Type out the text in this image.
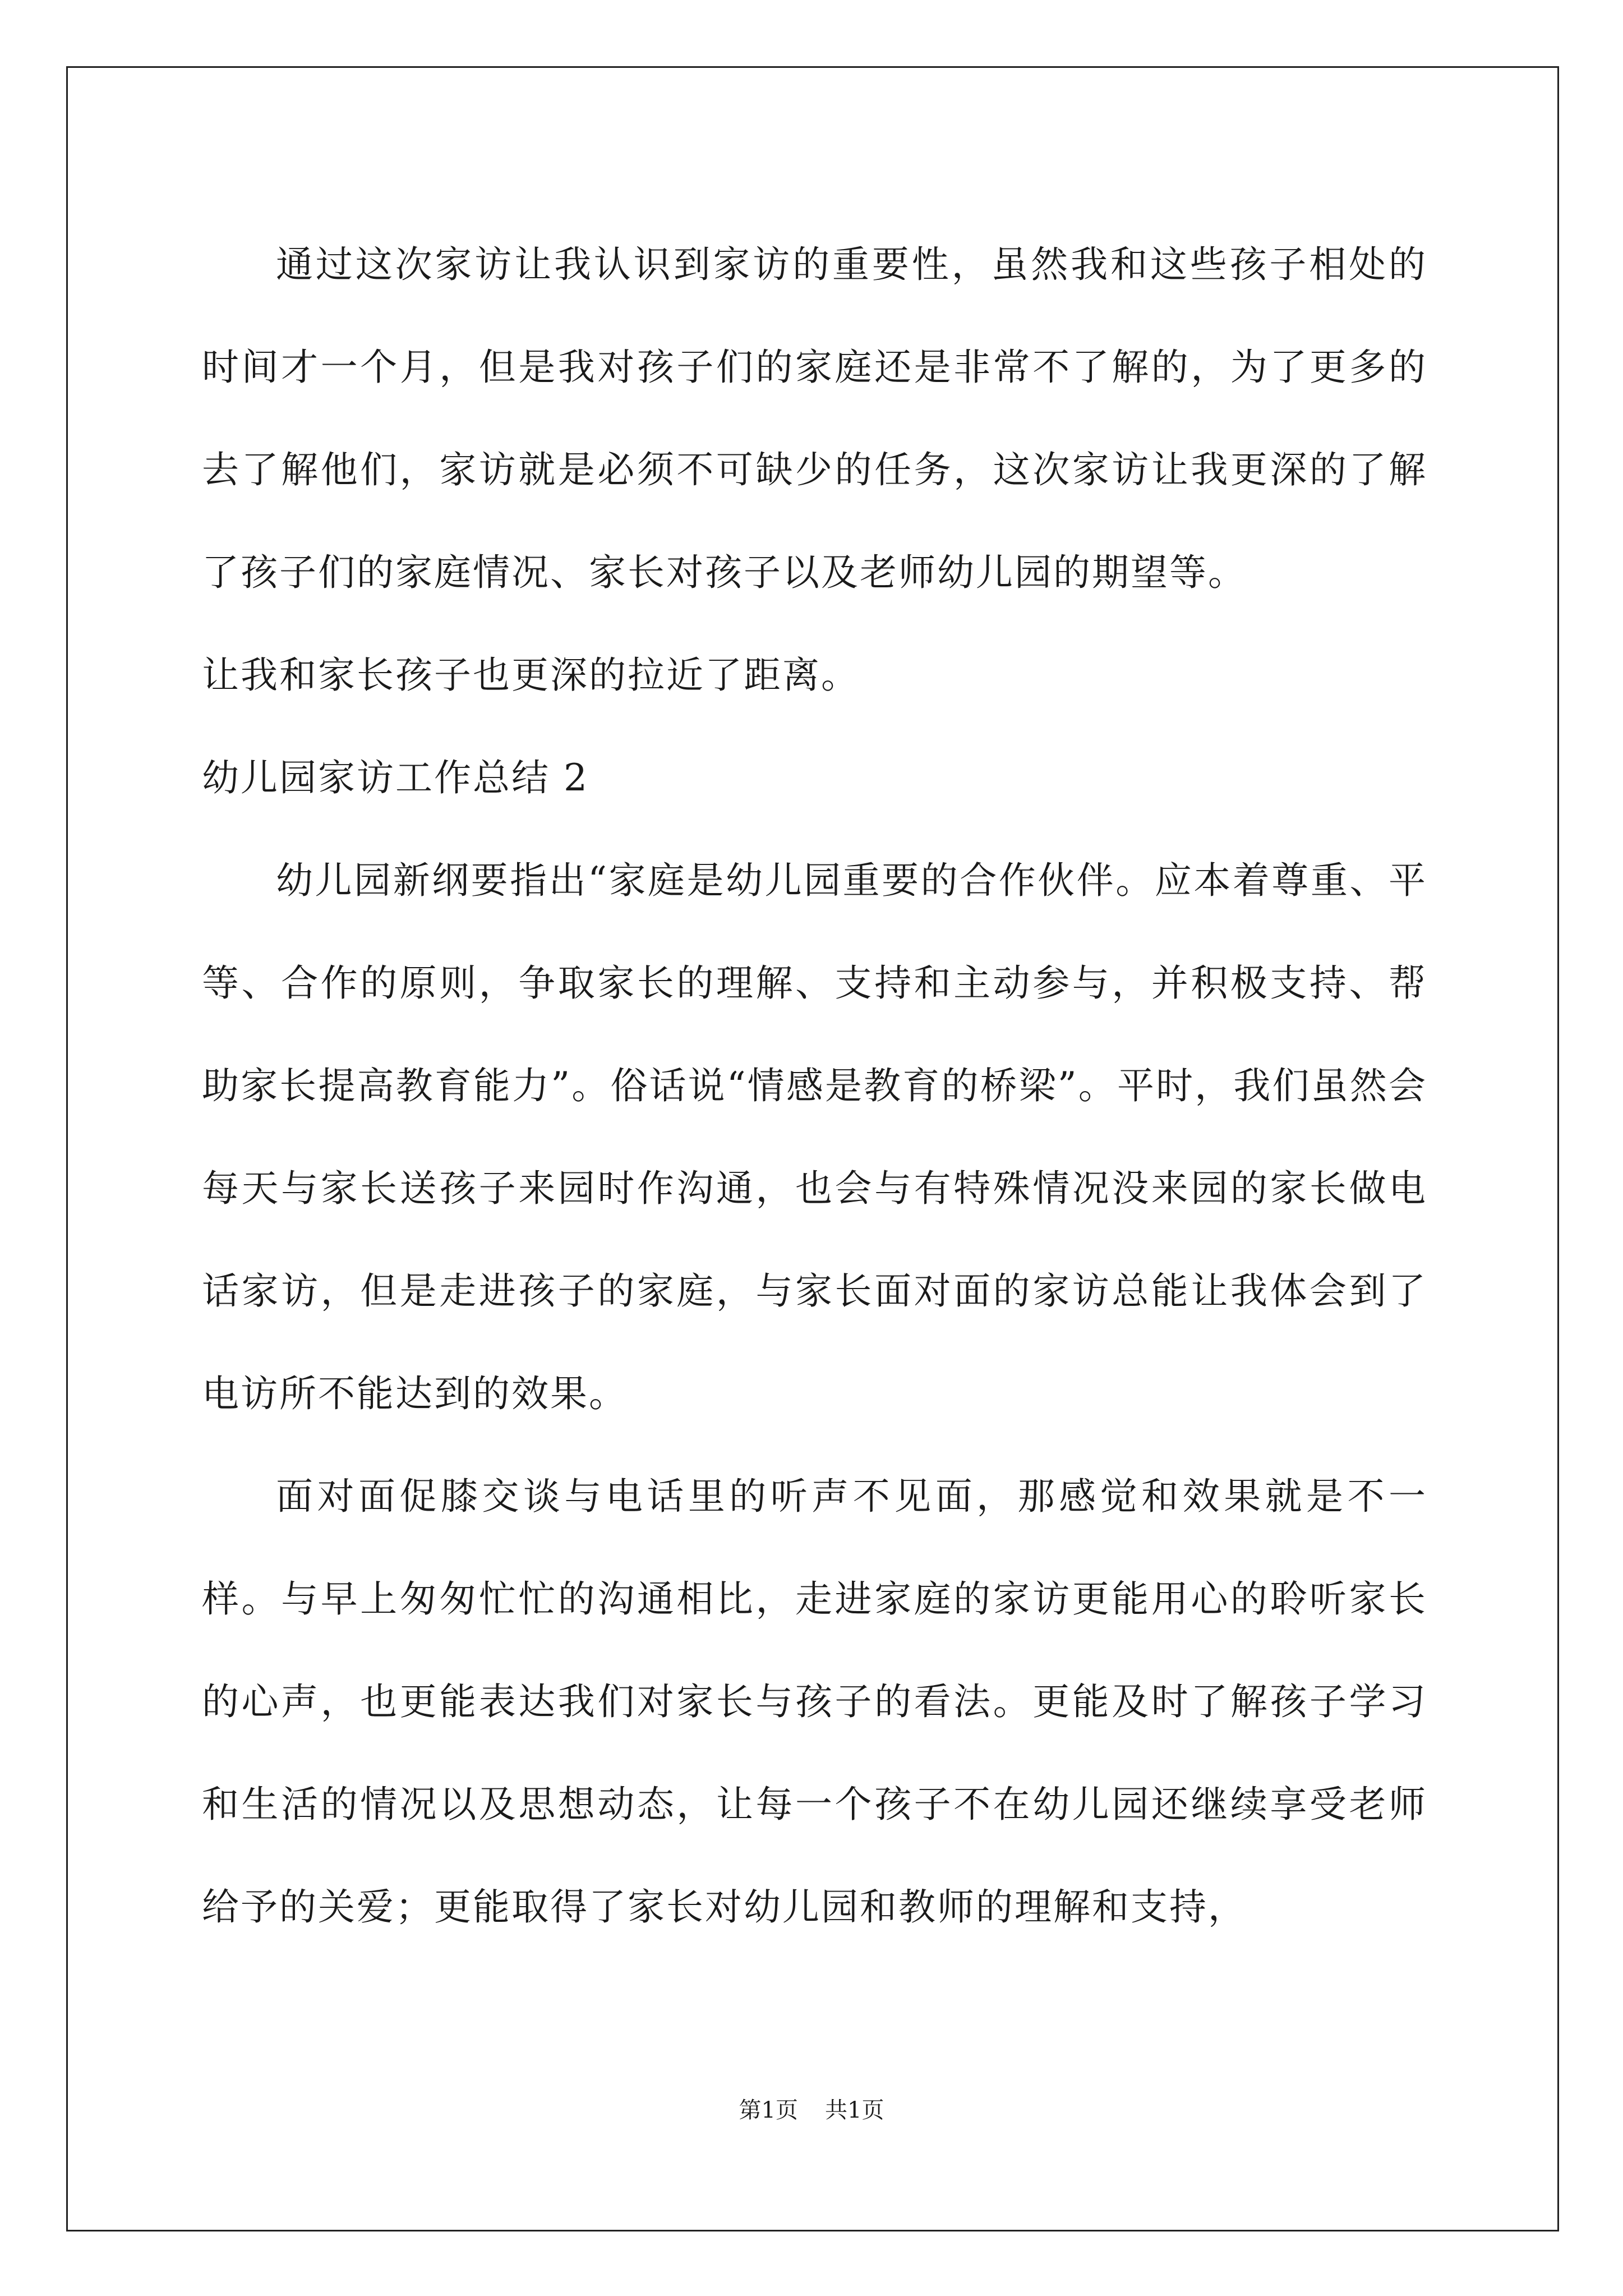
通过这次家访让我认识到家访的重要性，虽然我和这些孩子相处的时间才一个月，但是我对孩子们的家庭还是非常不了解的，为了更多的去了解他们，家访就是必须不可缺少的任务，这次家访让我更深的了解了孩子们的家庭情况、家长对孩子以及老师幼儿园的期望等。

让我和家长孩子也更深的拉近了距离。

幼儿园家访工作总结 2

幼儿园新纲要指出“家庭是幼儿园重要的合作伙伴。应本着尊重、平等、合作的原则，争取家长的理解、支持和主动参与，并积极支持、帮助家长提高教育能力”。俗话说“情感是教育的桥梁”。平时，我们虽然会每天与家长送孩子来园时作沟通，也会与有特殊情况没来园的家长做电话家访，但是走进孩子的家庭，与家长面对面的家访总能让我体会到了电访所不能达到的效果。

面对面促膝交谈与电话里的听声不见面，那感觉和效果就是不一样。与早上匆匆忙忙的沟通相比，走进家庭的家访更能用心的聆听家长的心声，也更能表达我们对家长与孩子的看法。更能及时了解孩子学习和生活的情况以及思想动态，让每一个孩子不在幼儿园还继续享受老师给予的关爱；更能取得了家长对幼儿园和教师的理解和支持，

第1页 共1页
